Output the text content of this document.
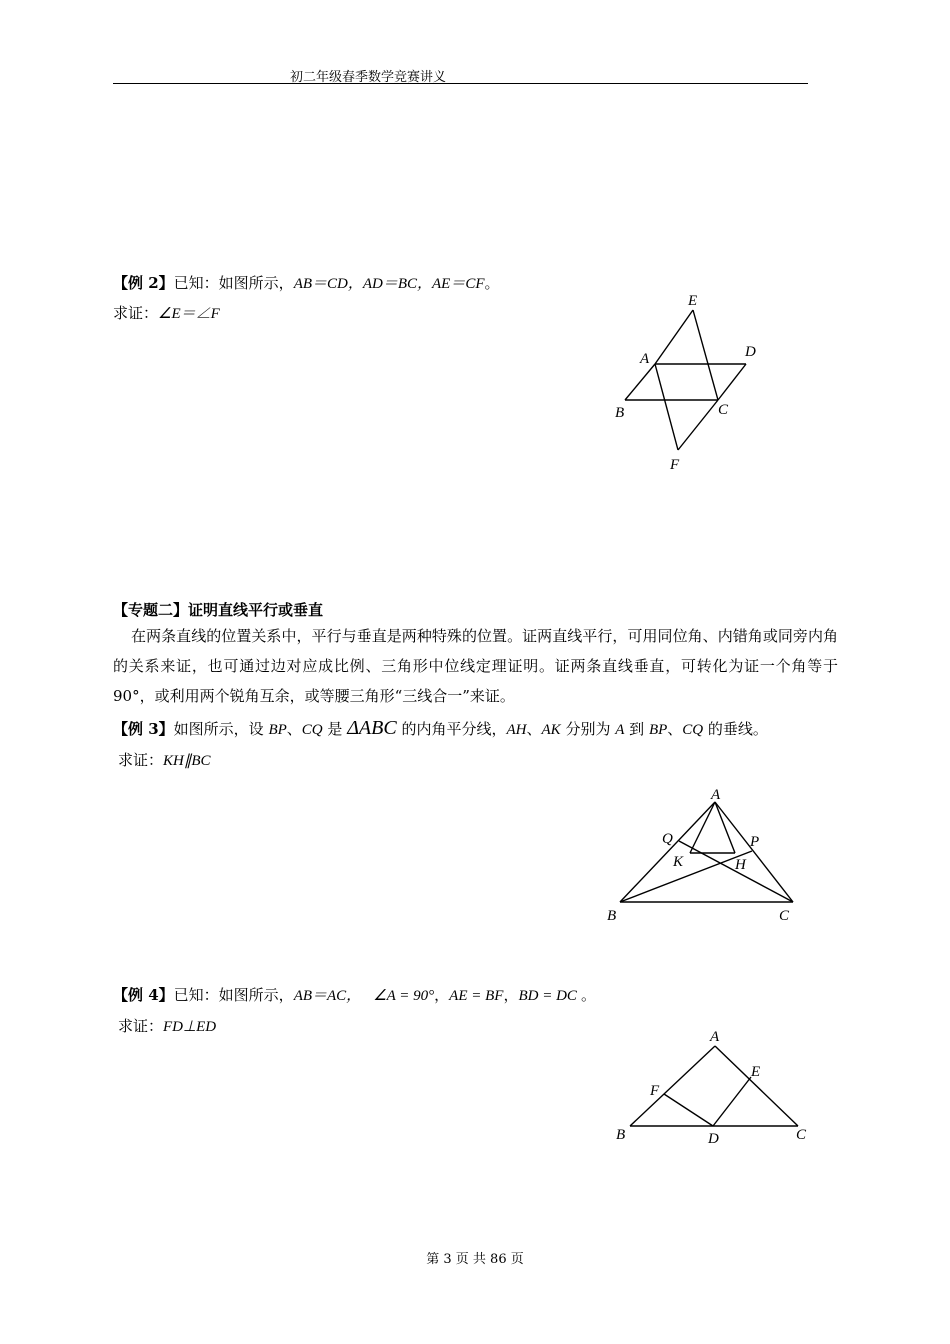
初二年级春季数学竞赛讲义
【例 2】已知：如图所示，AB＝CD，AD＝BC，AE＝CF。
求证：∠E＝∠F
E
A	D
B	C
F
【专题二】证明直线平行或垂直
在两条直线的位置关系中，平行与垂直是两种特殊的位置。证两直线平行，可用同位角、内错角或同旁内角的关系来证，也可通过边对应成比例、三角形中位线定理证明。证两条直线垂直，可转化为证一个角等于 90°，或利用两个锐角互余，或等腰三角形“三线合一”来证。
【例 3】如图所示，设 BP、CQ 是 ΔABC 的内角平分线，AH、AK 分别为 A 到 BP、CQ 的垂线。
求证：KH∥BC
A
Q	P
K	H
B	C
【例 4】已知：如图所示，AB＝AC， ∠A = 90°，AE = BF，BD = DC 。
求证：FD⊥ED
A
E
F
B	D	C
第 3 页 共 86 页
